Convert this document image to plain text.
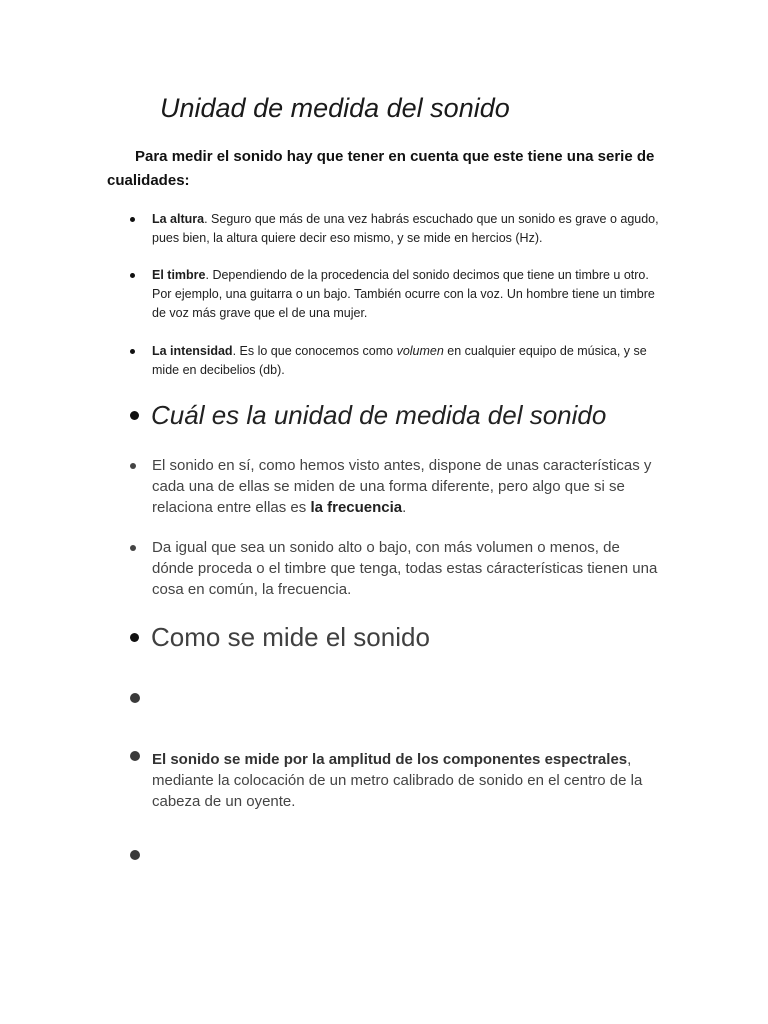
Unidad de medida del sonido

Para medir el sonido hay que tener en cuenta que este tiene una serie de cualidades:

La altura. Seguro que más de una vez habrás escuchado que un sonido es grave o agudo, pues bien, la altura quiere decir eso mismo, y se mide en hercios (Hz).
El timbre. Dependiendo de la procedencia del sonido decimos que tiene un timbre u otro. Por ejemplo, una guitarra o un bajo. También ocurre con la voz. Un hombre tiene un timbre de voz más grave que el de una mujer.
La intensidad. Es lo que conocemos como volumen en cualquier equipo de música, y se mide en decibelios (db).
Cuál es la unidad de medida del sonido
El sonido en sí, como hemos visto antes, dispone de unas características y cada una de ellas se miden de una forma diferente, pero algo que si se relaciona entre ellas es la frecuencia.
Da igual que sea un sonido alto o bajo, con más volumen o menos, de dónde proceda o el timbre que tenga, todas estas cáracterísticas tienen una cosa en común, la frecuencia.
Como se mide el sonido

El sonido se mide por la amplitud de los componentes espectrales, mediante la colocación de un metro calibrado de sonido en el centro de la cabeza de un oyente.
